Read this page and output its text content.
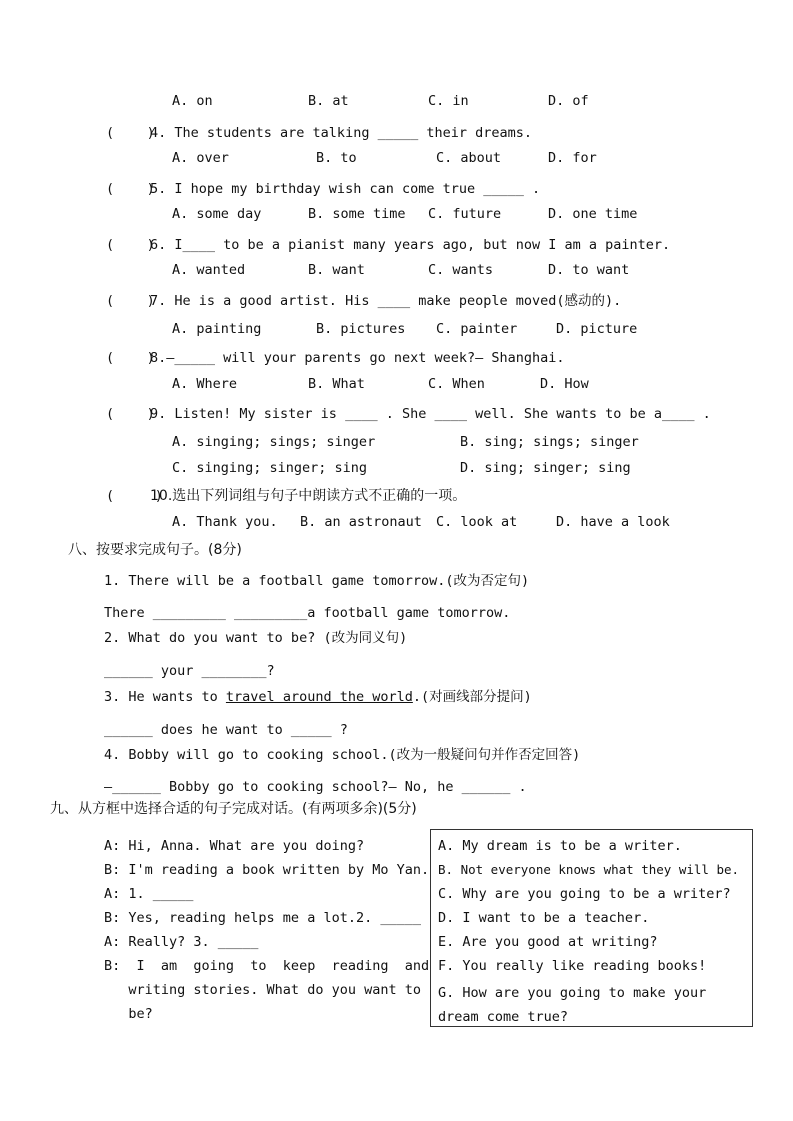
A. on	B. at	C. in	D. of
(    )
4. The students are talking _____ their dreams.
A. over	B. to	C. about	D. for
(    )
5. I hope my birthday wish can come true _____ .
A. some day	B. some time C. future	D. one time
(    )
6. I____ to be a pianist many years ago, but now I am a painter.
A. wanted	B. want	C. wants	D. to want
(    )
7. He is a good artist. His ____ make people moved(感动的).
A. painting	B. pictures C. painter	D. picture
(    )
8.—_____ will your parents go next week?— Shanghai.
A. Where	B. What	C. When	D. How
(    )
9. Listen! My sister is ____ . She ____ well. She wants to be a____ .
A. singing; sings; singer	B. sing; sings; singer
C. singing; singer; sing	D. sing; singer; sing
(     )
10.选出下列词组与句子中朗读方式不正确的一项。
A. Thank you. B. an astronaut C. look at	D. have a look
八、按要求完成句子。(8分)
1. There will be a football game tomorrow.(改为否定句)
There _________ _________a football game tomorrow.
2. What do you want to be? (改为同义句)
______ your ________?
3. He wants to travel around the world.(对画线部分提问)
______ does he want to _____ ?
4. Bobby will go to cooking school.(改为一般疑问句并作否定回答)
—______ Bobby go to cooking school?— No, he ______ .
九、从方框中选择合适的句子完成对话。(有两项多余)(5分)
A: Hi, Anna. What are you doing?
B: I'm reading a book written by Mo Yan.
A: 1. _____
B: Yes, reading helps me a lot.2. _____
A: Really? 3. _____
B:  I  am  going  to  keep  reading  and
writing stories. What do you want to
be?
A. My dream is to be a writer.
B. Not everyone knows what they will be.
C. Why are you going to be a writer?
D. I want to be a teacher.
E. Are you good at writing?
F. You really like reading books!
G. How are you going to make your
dream come true?
